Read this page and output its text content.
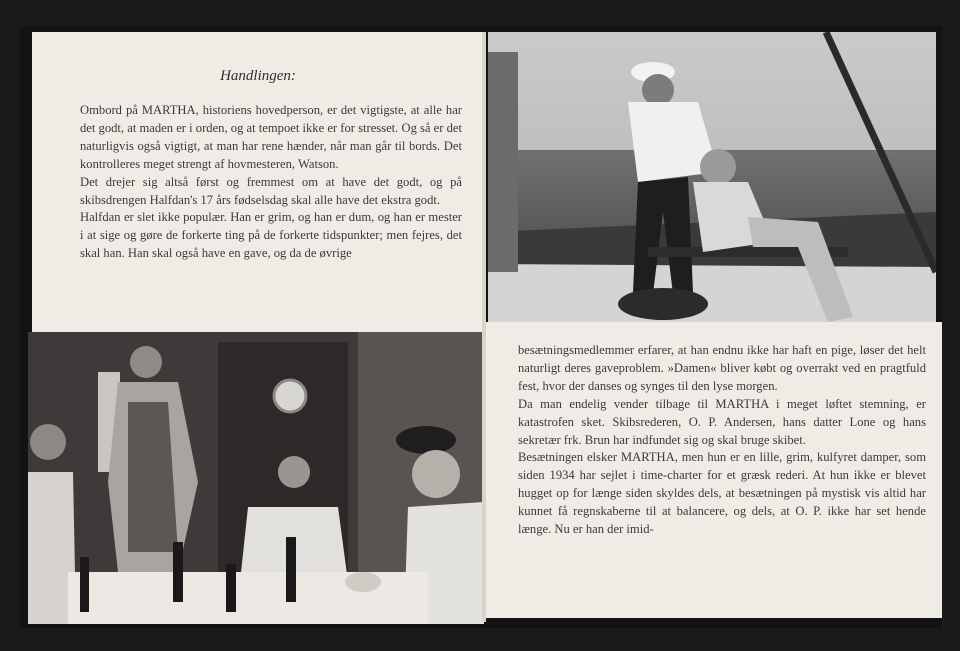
Handlingen:

Ombord på MARTHA, historiens hovedperson, er det vigtigste, at alle har det godt, at maden er i orden, og at tempoet ikke er for stresset. Og så er det naturligvis også vigtigt, at man har rene hænder, når man går til bords. Det kontrolleres meget strengt af hovmesteren, Watson.

Det drejer sig altså først og fremmest om at have det godt, og på skibsdrengen Halfdan's 17 års fødselsdag skal alle have det ekstra godt.

Halfdan er slet ikke populær. Han er grim, og han er dum, og han er mester i at sige og gøre de forkerte ting på de forkerte tidspunkter; men fejres, det skal han. Han skal også have en gave, og da de øvrige

besætningsmedlemmer erfarer, at han endnu ikke har haft en pige, løser det helt naturligt deres gaveproblem. »Damen« bliver købt og overrakt ved en pragtfuld fest, hvor der danses og synges til den lyse morgen.

Da man endelig vender tilbage til MARTHA i meget løftet stemning, er katastrofen sket. Skibsrederen, O. P. Andersen, hans datter Lone og hans sekretær frk. Brun har indfundet sig og skal bruge skibet.

Besætningen elsker MARTHA, men hun er en lille, grim, kulfyret damper, som siden 1934 har sejlet i time-charter for et græsk rederi. At hun ikke er blevet hugget op for længe siden skyldes dels, at besætningen på mystisk vis altid har kunnet få regnskaberne til at balancere, og dels, at O. P. ikke har set hende længe. Nu er han der imid-
